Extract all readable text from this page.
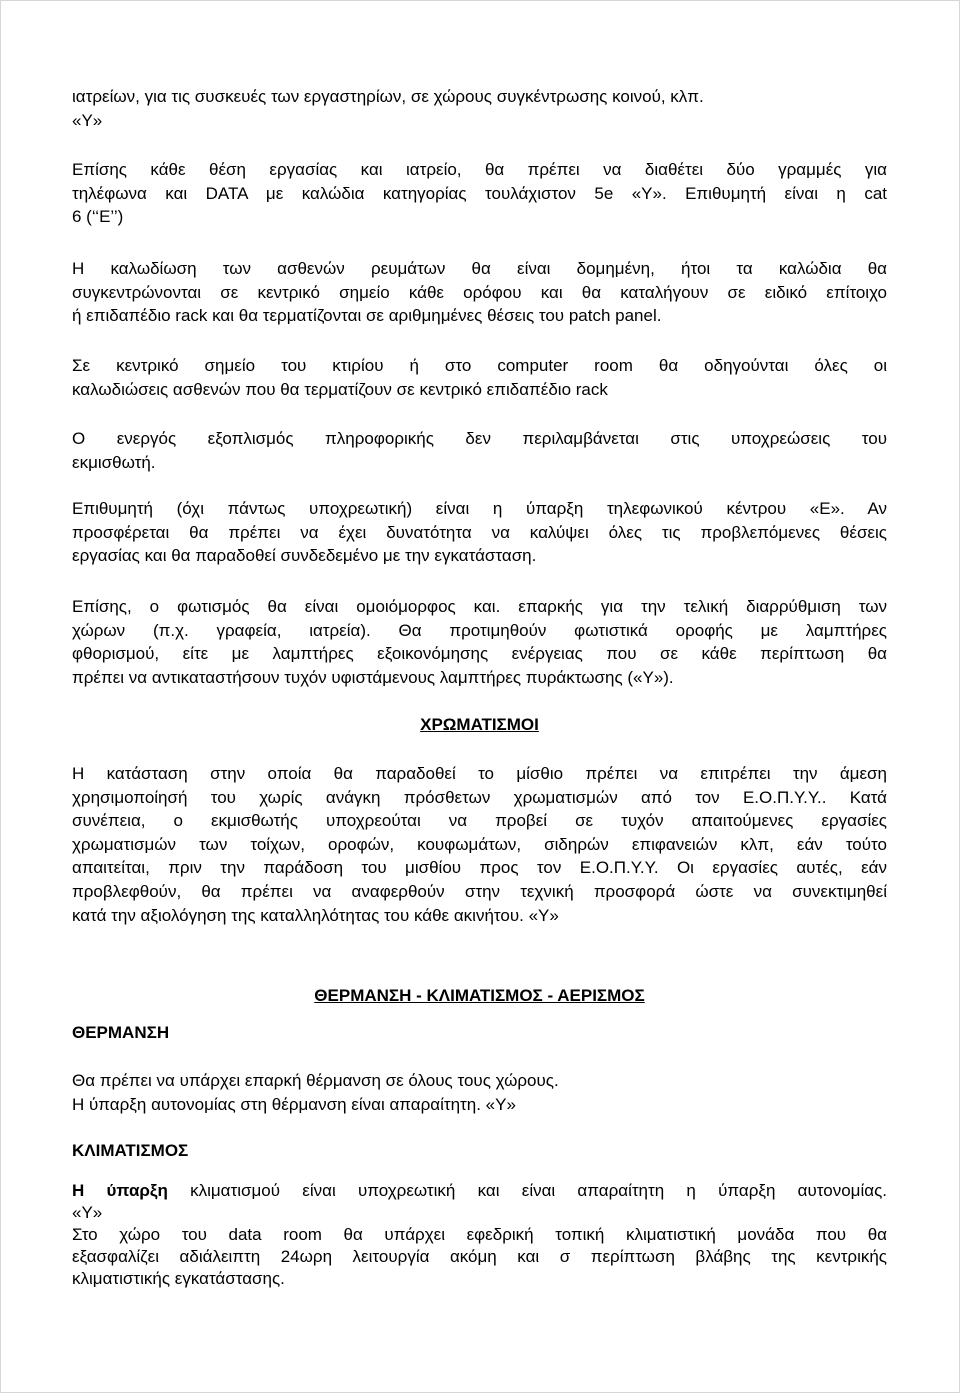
ιατρείων, για τις συσκευές των εργαστηρίων, σε χώρους συγκέντρωσης κοινού, κλπ.
«Υ»
Επίσης κάθε θέση εργασίας και ιατρείο, θα πρέπει να διαθέτει δύο γραμμές για
τηλέφωνα και DATA με καλώδια κατηγορίας τουλάχιστον 5e «Υ». Επιθυμητή είναι η cat
6 (‘‘Ε’’)
Η καλωδίωση των ασθενών ρευμάτων θα είναι δομημένη, ήτοι τα καλώδια θα
συγκεντρώνονται σε κεντρικό σημείο κάθε ορόφου και θα καταλήγουν σε ειδικό επίτοιχο
ή επιδαπέδιο rack και θα τερματίζονται σε αριθμημένες θέσεις του patch panel.
Σε κεντρικό σημείο του κτιρίου ή στο computer room θα οδηγούνται όλες οι
καλωδιώσεις ασθενών που θα τερματίζουν σε κεντρικό επιδαπέδιο rack
Ο ενεργός εξοπλισμός πληροφορικής δεν περιλαμβάνεται στις υποχρεώσεις του
εκμισθωτή.
Επιθυμητή (όχι πάντως υποχρεωτική) είναι η ύπαρξη τηλεφωνικού κέντρου «Ε». Αν
προσφέρεται θα πρέπει να έχει δυνατότητα να καλύψει όλες τις προβλεπόμενες θέσεις
εργασίας και θα παραδοθεί συνδεδεμένο με την εγκατάσταση.
Επίσης, ο φωτισμός θα είναι ομοιόμορφος και. επαρκής για την τελική διαρρύθμιση των
χώρων (π.χ. γραφεία, ιατρεία). Θα προτιμηθούν φωτιστικά οροφής με λαμπτήρες
φθορισμού, είτε με λαμπτήρες εξοικονόμησης ενέργειας που σε κάθε περίπτωση θα
πρέπει να αντικαταστήσουν τυχόν υφιστάμενους λαμπτήρες πυράκτωσης («Υ»).
ΧΡΩΜΑΤΙΣΜΟΙ
Η κατάσταση στην οποία θα παραδοθεί το μίσθιο πρέπει να επιτρέπει την άμεση
χρησιμοποίησή του χωρίς ανάγκη πρόσθετων χρωματισμών από τον Ε.Ο.Π.Υ.Υ.. Κατά
συνέπεια, ο εκμισθωτής υποχρεούται να προβεί σε τυχόν απαιτούμενες εργασίες
χρωματισμών των τοίχων, οροφών, κουφωμάτων, σιδηρών επιφανειών κλπ, εάν τούτο
απαιτείται, πριν την παράδοση του μισθίου προς τον Ε.Ο.Π.Υ.Υ. Οι εργασίες αυτές, εάν
προβλεφθούν, θα πρέπει να αναφερθούν στην τεχνική προσφορά ώστε να συνεκτιμηθεί
κατά την αξιολόγηση της καταλληλότητας του κάθε ακινήτου. «Υ»
ΘΕΡΜΑΝΣΗ - ΚΛΙΜΑΤΙΣΜΟΣ - ΑΕΡΙΣΜΟΣ
ΘΕΡΜΑΝΣΗ
Θα πρέπει να υπάρχει επαρκή θέρμανση σε όλους τους χώρους.
Η ύπαρξη αυτονομίας στη θέρμανση είναι απαραίτητη. «Υ»
ΚΛΙΜΑΤΙΣΜΟΣ
Η ύπαρξη κλιματισμού είναι υποχρεωτική και είναι απαραίτητη η ύπαρξη αυτονομίας.
«Υ»
Στο χώρο του data room θα υπάρχει εφεδρική τοπική κλιματιστική μονάδα που θα
εξασφαλίζει αδιάλειπτη 24ωρη λειτουργία ακόμη και σ περίπτωση βλάβης της κεντρικής
κλιματιστικής εγκατάστασης.
